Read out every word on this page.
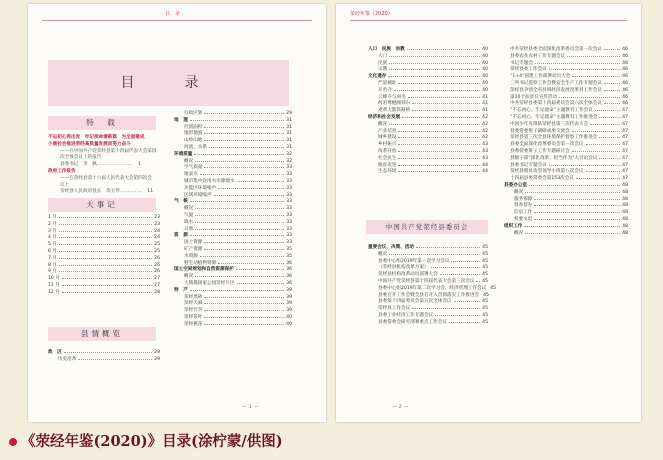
· 目　录 ·
目　录
特　载
不忘初心再出发　牢记使命谱新篇　为全面建成
小康社会推进荥经高质量发展而努力奋斗
——在中国共产党荥经县第十四届代表大会第四
次全体会议上的报告
县委书记　李　枫……………………　1
政府工作报告
——在荥经县第十六届人民代表大会第四次会
议上
荥经县人民政府县长　余玉琴……………　11
大事记
1 月	23
2 月	23
3 月	24
4 月	24
5 月	25
6 月	25
7 月	26
8 月	26
9 月	26
10 月	27
11 月	27
12 月	28
县情概览
政　区	29
历史沿革	29
行政区划	29
地　理	31
位置面积	31
地形地貌	31
山岭山地	31
河流、水系	31
环境质量	32
概况	32
空气质量	33
地表水	33
城市集中饮用水水源地水	33
功能区环境噪声	33
区域环境噪声	33
气　候	33
概况	33
气温	33
降水	33
日照	33
资　源	33
国土资源	33
矿产资源	35
水资源	35
野生动植物资源	36
国土空间规划和自然资源保护	36
概况	36
大熊猫国家公园荥经片区	36
特　产	39
荥经黑砂	39
荥经天麻	39
荥经竹笋	39
荥经茶叶	40
荥经桃花	40
— 1 —
荥经年鉴（2020）
人口　民族　宗教	40
人口	40
民族	40
宗教	40
文化遗存	40
严道城址	40
开善寺	40
云峰寺与羽毛	41
何君尊楗阁刻石	41
麦黄大都铁路桥	41
经济和社会发展	42
概况	42
产业培育	42
城乡建设	42
乡村振兴	43
改革开放	43
社会民生	43
脱贫攻坚	44
生态环境	44
中国共产党荥经县委员会
重要会议、决策、活动	45
概况	45
县委中心组2019年第一次学习会议	45
（荥经县机构改革方案）	45
荥经县机构改革动员部署大会	45
中国共产党荥经县第十四届代表大会第三次会议 45
县委中心组2019年第二次学习会、经济管理工作会议 45
县委召开工作会暨全县召开入贯彻落实工作推进会 45
县委第十四届委员会第五次全体会议	45
荥经县工作会议	45
县委工业经济工作专题会议	45
县委常委会研究部署重点工作会议	45
中共荥经县委全面深化改革委员会第一次会议	46
县委农业农村工作专题会议	46
书记专题会	46
荥经县委工作会议	46
“1+4”创建工作部署动员大会	46
三所书记巡察工作会暨安全生产工作专题会议	46
荥经县争创全省县域经济发展改革县工作会议	46
第10个扶贫日宣传活动	46
中共荥经县委第十四届委员会第六次全体会议	46
“不忘初心、牢记使命”主题教育工作会议	47
“不忘初心、牢记使命”主题教育工作推进会	47
中国少年先锋队荥经县第三次代表大会	47
县委常委班子调研成果交流会	47
荥经县第三次全县环境保护督察工作推进会	47
县委全面深化改革委员会第一次会议	47
县委常委班子工作专题研讨会	47
县级干部“深化改革、担当作为”大讨论会议	47
县委书记专题会议	47
荥经县脱贫攻坚领导小组第八次会议	47
十四届县委常委会第153次会议	47
县委办公室	48
概况	48
服务保障	48
督查督办	48
信息工作	48
机要文电	48
组织工作	48
概况	48
— 2 —
《荥经年鉴(2020)》目录(涂柠蒙/供图)
